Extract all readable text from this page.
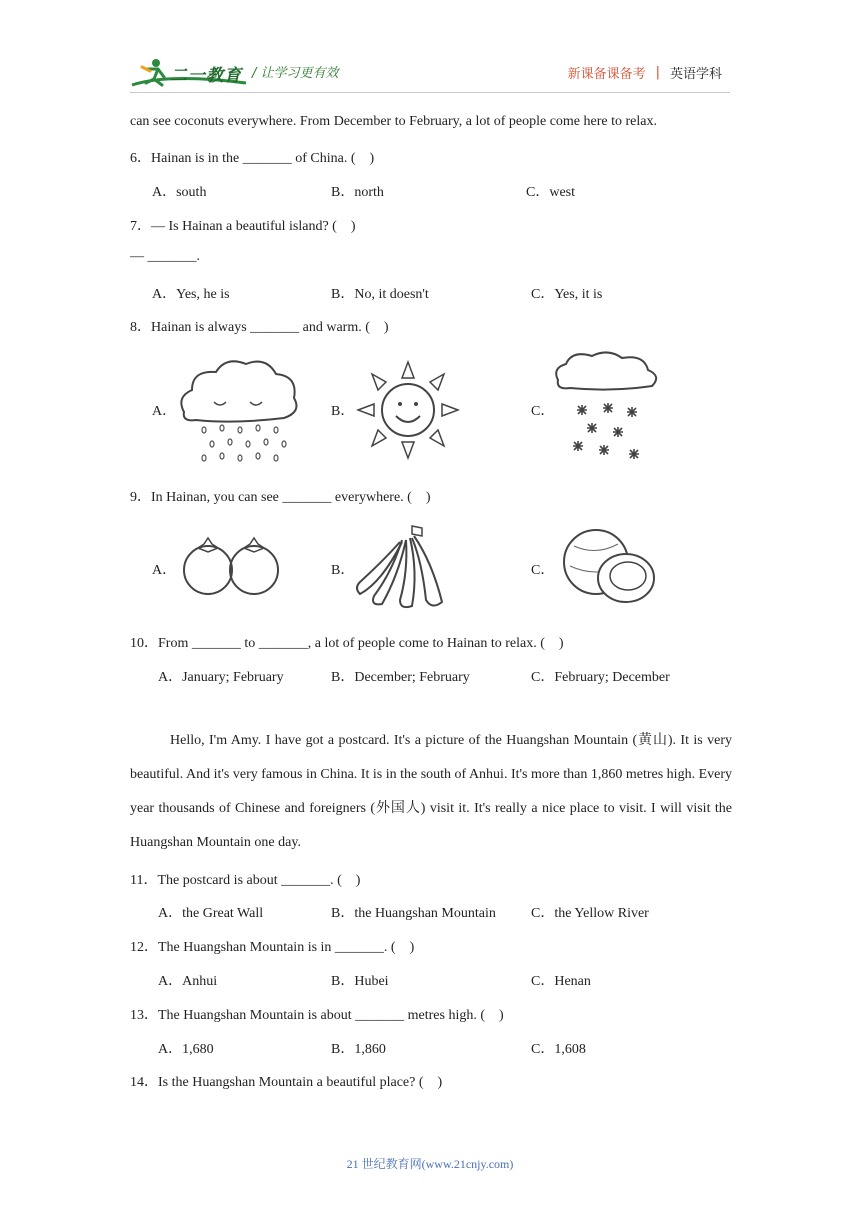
二一教育 / 让学习更有效	新课备课备考 | 英语学科
can see coconuts everywhere. From December to February, a lot of people come here to relax.
6．Hainan is in the _______ of China. (　)
A．south	B．north	C．west
7．— Is Hainan a beautiful island? (　)
— _______.
A．Yes, he is	B．No, it doesn't	C．Yes, it is
8．Hainan is always _______ and warm. (　)
A．	B．	C．
9．In Hainan, you can see _______ everywhere. (　)
A．	B．	C．
10．From _______ to _______, a lot of people come to Hainan to relax. (　)
A．January; February	B．December; February	C．February; December
Hello, I'm Amy. I have got a postcard. It's a picture of the Huangshan Mountain (黄山). It is very beautiful. And it's very famous in China. It is in the south of Anhui. It's more than 1,860 metres high. Every year thousands of Chinese and foreigners (外国人) visit it. It's really a nice place to visit. I will visit the Huangshan Mountain one day.
11．The postcard is about _______. (　)
A．the Great Wall	B．the Huangshan Mountain	C．the Yellow River
12．The Huangshan Mountain is in _______. (　)
A．Anhui	B．Hubei	C．Henan
13．The Huangshan Mountain is about _______ metres high. (　)
A．1,680	B．1,860	C．1,608
14．Is the Huangshan Mountain a beautiful place? (　)
21 世纪教育网(www.21cnjy.com)
